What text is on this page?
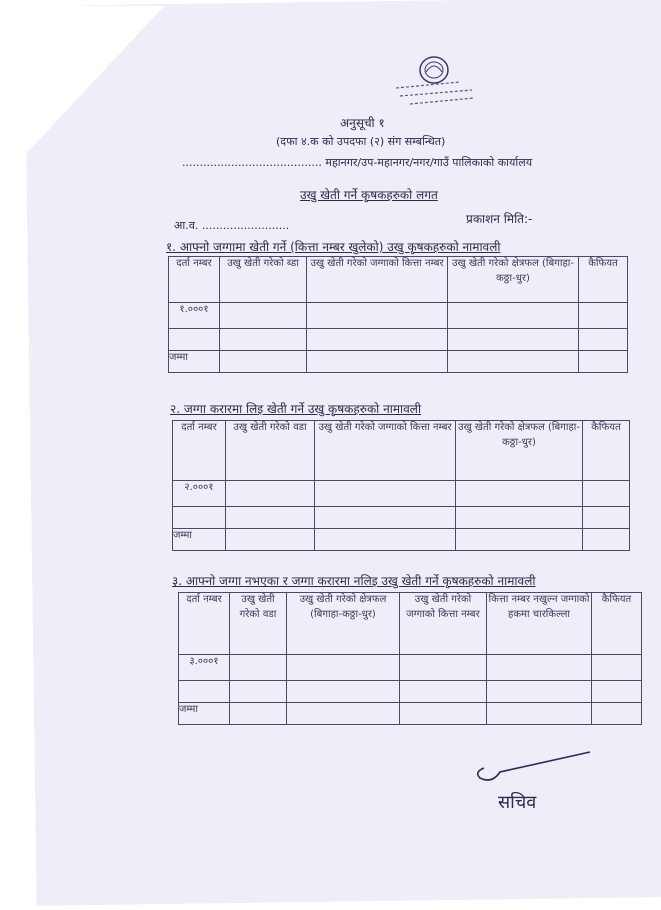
अनुसूची १
(दफा ४.क को उपदफा (२) संग सम्बन्धित)
........................................ महानगर/उप-महानगर/नगर/गाउँ पालिकाको कार्यालय
उखु खेती गर्ने कृषकहरुको लगत
आ.व. .........................	प्रकाशन मिति:-
१. आफ्नो जग्गामा खेती गर्ने (कित्ता नम्बर खुलेको) उखु कृषकहरुको नामावली
दर्ता नम्बर	उखु खेती गरेको ब्डा	उखु खेती गरेको जग्गाको कित्ता नम्बर	उखु खेती गरेको क्षेत्रफल (बिगाहा-कठ्ठा-धुर)	कैफियत
१.०००१				

जम्मा				
२. जग्गा करारमा लिइ खेती गर्ने उखु कृषकहरुको नामावली
दर्ता नम्बर	उखु खेती गरेको वडा	उखु खेती गरेको जग्गाको कित्ता नम्बर	उखु खेती गरेको क्षेत्रफल (बिगाहा-कठ्ठा-धुर)	कैफियत
२.०००१				

जम्मा				
३. आफ्नो जग्गा नभएका र जग्गा करारमा नलिइ उखु खेती गर्ने कृषकहरुको नामावली
दर्ता नम्बर	उखु खेती गरेको वडा	उखु खेती गरेको क्षेत्रफल (बिगाहा-कठ्ठा-धुर)	उखु खेती गरेको जग्गाको कित्ता नम्बर	कित्ता नम्बर नखुल्न जग्गाको हकमा चारकिल्ला	कैफियत
३.०००१					

जम्मा					
सचिव
